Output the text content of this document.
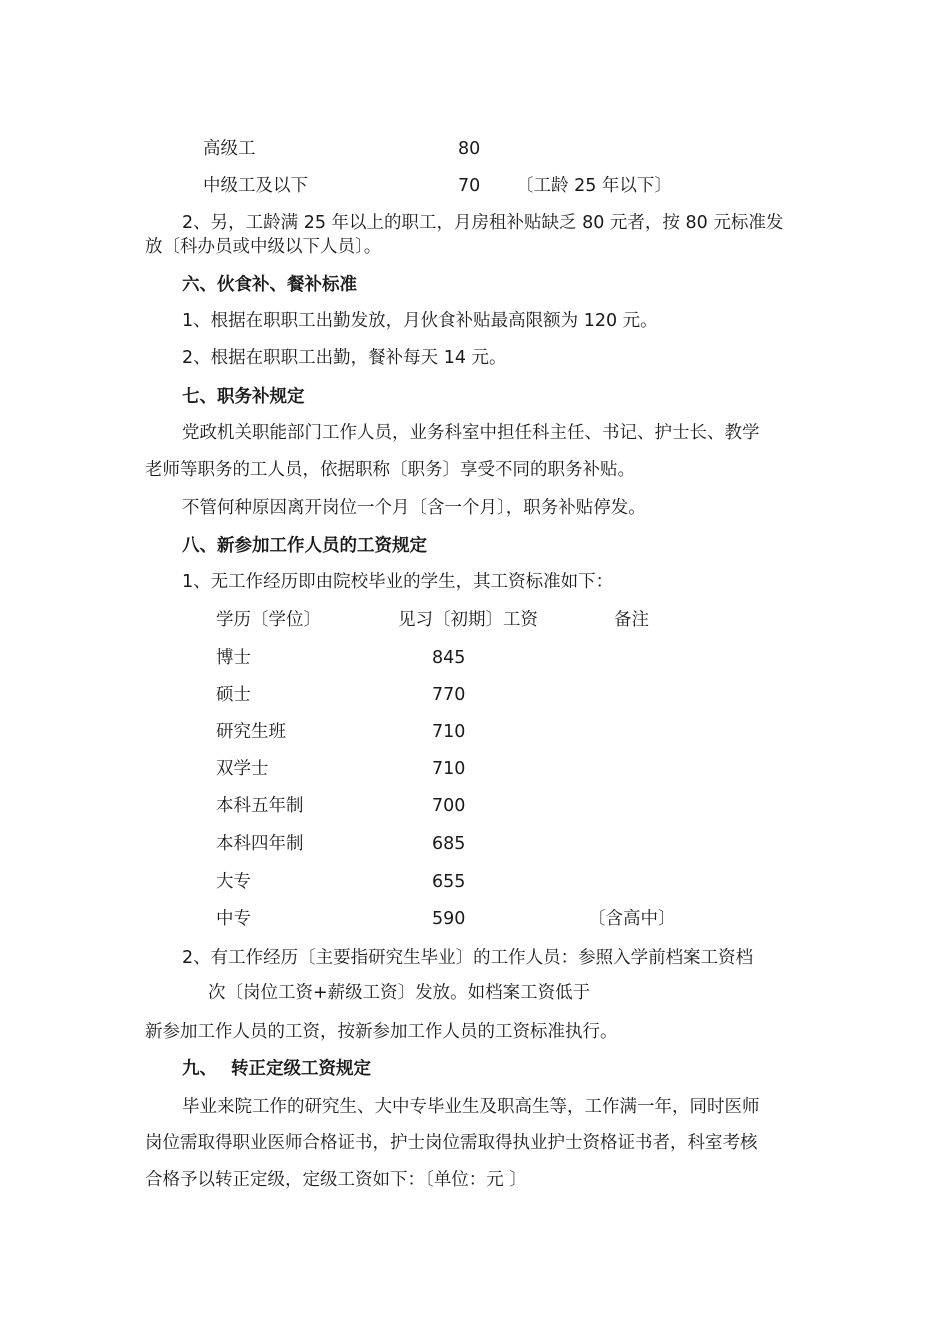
高级工	80
中级工及以下	70 〔工龄 25 年以下〕
2、另，工龄满 25 年以上的职工，月房租补贴缺乏 80 元者，按 80 元标准发
放〔科办员或中级以下人员〕。
六、伙食补、餐补标准
1、根据在职职工出勤发放，月伙食补贴最高限额为 120 元。
2、根据在职职工出勤，餐补每天 14 元。
七、职务补规定
党政机关职能部门工作人员，业务科室中担任科主任、书记、护士长、教学
老师等职务的工人员，依据职称〔职务〕享受不同的职务补贴。
不管何种原因离开岗位一个月〔含一个月〕，职务补贴停发。
八、新参加工作人员的工资规定
1、无工作经历即由院校毕业的学生，其工资标准如下：
学历〔学位〕	见习〔初期〕工资	备注
博士	845
硕士	770
研究生班	710
双学士	710
本科五年制	700
本科四年制	685
大专	655
中专	590	〔含高中〕
2、有工作经历〔主要指研究生毕业〕的工作人员：参照入学前档案工资档
次〔岗位工资+薪级工资〕发放。如档案工资低于
新参加工作人员的工资，按新参加工作人员的工资标准执行。
九、 转正定级工资规定
毕业来院工作的研究生、大中专毕业生及职高生等，工作满一年，同时医师
岗位需取得职业医师合格证书，护士岗位需取得执业护士资格证书者，科室考核
合格予以转正定级，定级工资如下：〔单位：元 〕
